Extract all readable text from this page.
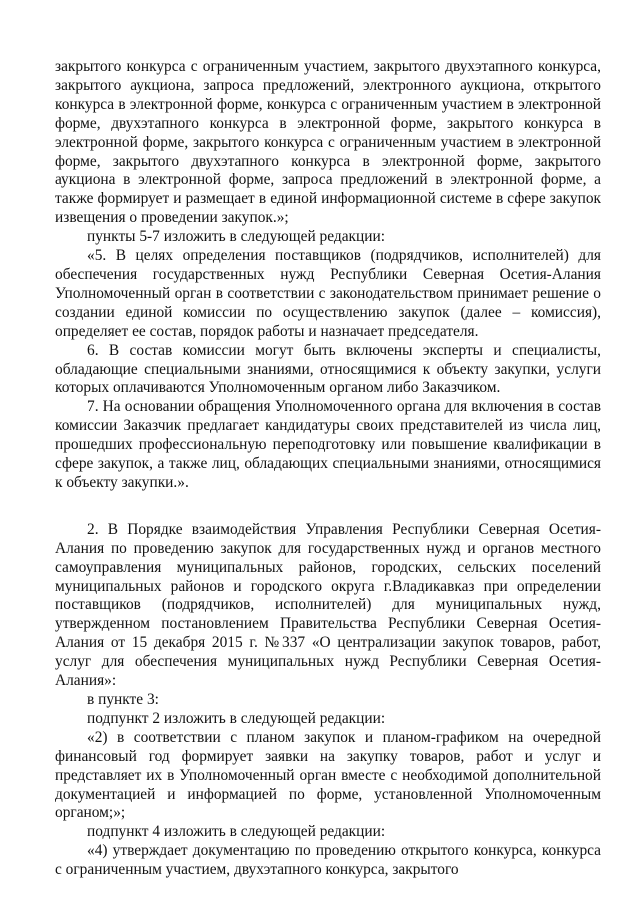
закрытого конкурса с ограниченным участием, закрытого двухэтапного конкурса, закрытого аукциона, запроса предложений, электронного аукциона, открытого конкурса в электронной форме, конкурса с ограниченным участием в электронной форме, двухэтапного конкурса в электронной форме, закрытого конкурса в электронной форме, закрытого конкурса с ограниченным участием в электронной форме, закрытого двухэтапного конкурса в электронной форме, закрытого аукциона в электронной форме, запроса предложений в электронной форме, а также формирует и размещает в единой информационной системе в сфере закупок извещения о проведении закупок.»;

пункты 5-7 изложить в следующей редакции:

«5. В целях определения поставщиков (подрядчиков, исполнителей) для обеспечения государственных нужд Республики Северная Осетия-Алания Уполномоченный орган в соответствии с законодательством принимает решение о создании единой комиссии по осуществлению закупок (далее – комиссия), определяет ее состав, порядок работы и назначает председателя.

6. В состав комиссии могут быть включены эксперты и специалисты, обладающие специальными знаниями, относящимися к объекту закупки, услуги которых оплачиваются Уполномоченным органом либо Заказчиком.

7. На основании обращения Уполномоченного органа для включения в состав комиссии Заказчик предлагает кандидатуры своих представителей из числа лиц, прошедших профессиональную переподготовку или повышение квалификации в сфере закупок, а также лиц, обладающих специальными знаниями, относящимися к объекту закупки.».

2. В Порядке взаимодействия Управления Республики Северная Осетия-Алания по проведению закупок для государственных нужд и органов местного самоуправления муниципальных районов, городских, сельских поселений муниципальных районов и городского округа г.Владикавказ при определении поставщиков (подрядчиков, исполнителей) для муниципальных нужд, утвержденном постановлением Правительства Республики Северная Осетия-Алания от 15 декабря 2015 г. №337 «О централизации закупок товаров, работ, услуг для обеспечения муниципальных нужд Республики Северная Осетия-Алания»:

в пункте 3:

подпункт 2 изложить в следующей редакции:

«2) в соответствии с планом закупок и планом-графиком на очередной финансовый год формирует заявки на закупку товаров, работ и услуг и представляет их в Уполномоченный орган вместе с необходимой дополнительной документацией и информацией по форме, установленной Уполномоченным органом;»;

подпункт 4 изложить в следующей редакции:

«4) утверждает документацию по проведению открытого конкурса, конкурса с ограниченным участием, двухэтапного конкурса, закрытого
